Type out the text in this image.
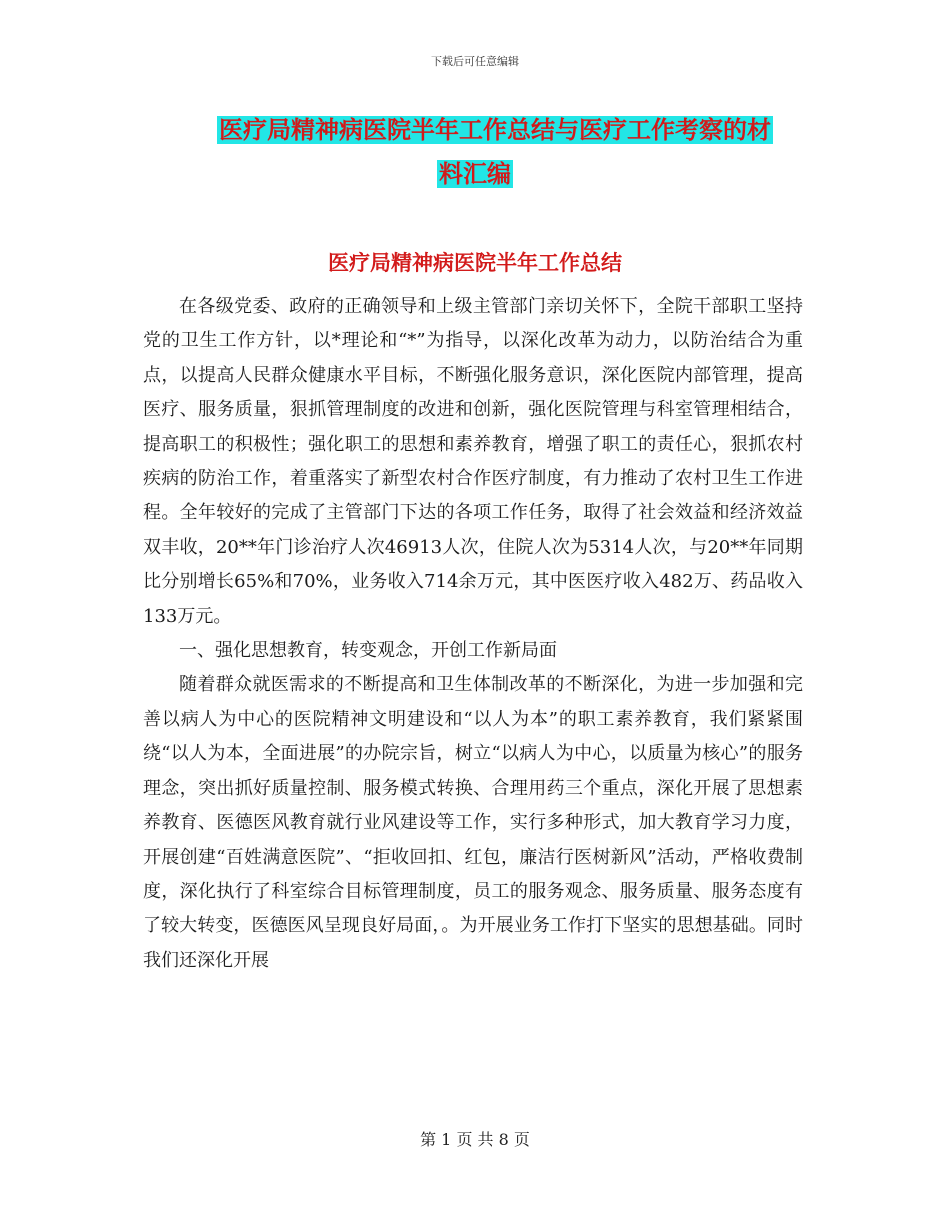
下载后可任意编辑
医疗局精神病医院半年工作总结与医疗工作考察的材
料汇编
医疗局精神病医院半年工作总结

在各级党委、政府的正确领导和上级主管部门亲切关怀下，全院干部职工坚持党的卫生工作方针，以*理论和“*”为指导，以深化改革为动力，以防治结合为重点，以提高人民群众健康水平目标，不断强化服务意识，深化医院内部管理，提高医疗、服务质量，狠抓管理制度的改进和创新，强化医院管理与科室管理相结合，提高职工的积极性；强化职工的思想和素养教育，增强了职工的责任心，狠抓农村疾病的防治工作，着重落实了新型农村合作医疗制度，有力推动了农村卫生工作进程。全年较好的完成了主管部门下达的各项工作任务，取得了社会效益和经济效益双丰收，20**年门诊治疗人次46913人次，住院人次为5314人次，与20**年同期比分别增长65%和70%，业务收入714余万元，其中医医疗收入482万、药品收入133万元。

一、强化思想教育，转变观念，开创工作新局面

随着群众就医需求的不断提高和卫生体制改革的不断深化，为进一步加强和完善以病人为中心的医院精神文明建设和“以人为本”的职工素养教育，我们紧紧围绕“以人为本，全面进展”的办院宗旨，树立“以病人为中心，以质量为核心”的服务理念，突出抓好质量控制、服务模式转换、合理用药三个重点，深化开展了思想素养教育、医德医风教育就行业风建设等工作，实行多种形式，加大教育学习力度，开展创建“百姓满意医院”、“拒收回扣、红包，廉洁行医树新风”活动，严格收费制度，深化执行了科室综合目标管理制度，员工的服务观念、服务质量、服务态度有了较大转变，医德医风呈现良好局面，。为开展业务工作打下坚实的思想基础。同时我们还深化开展

第 1 页 共 8 页
